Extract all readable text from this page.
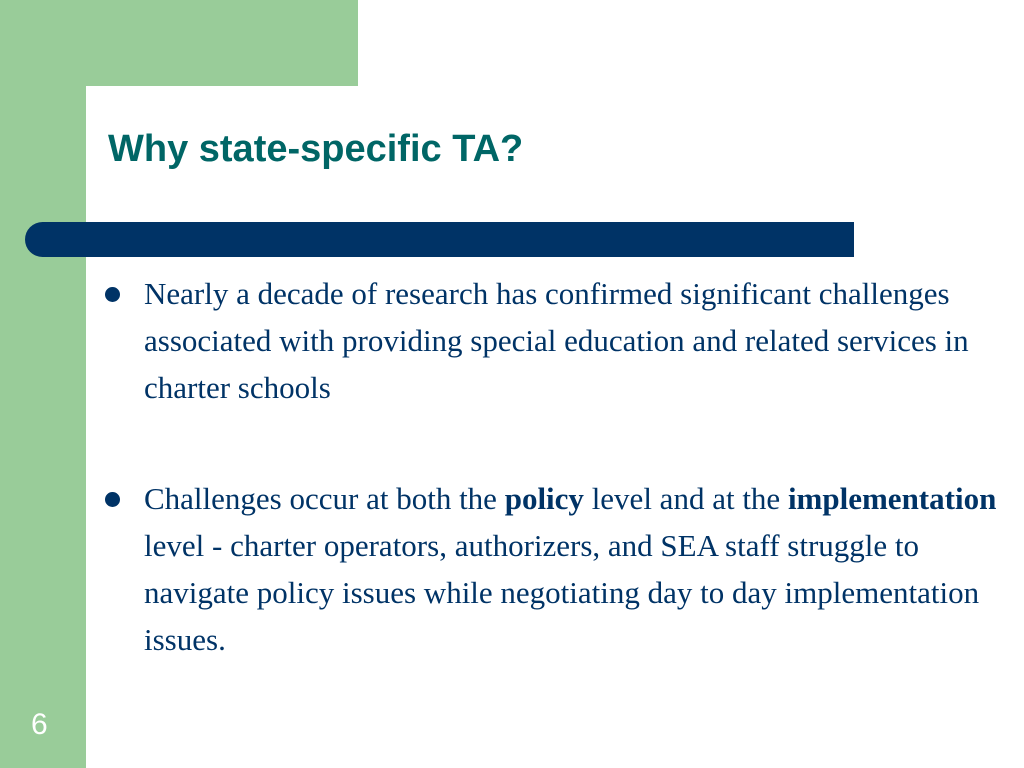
Why state-specific TA?
Nearly a decade of research has confirmed significant challenges associated with providing special education and related services in charter schools
Challenges occur at both the policy level and at the implementation level - charter operators, authorizers, and SEA staff struggle to navigate policy issues while negotiating day to day implementation issues.
6
